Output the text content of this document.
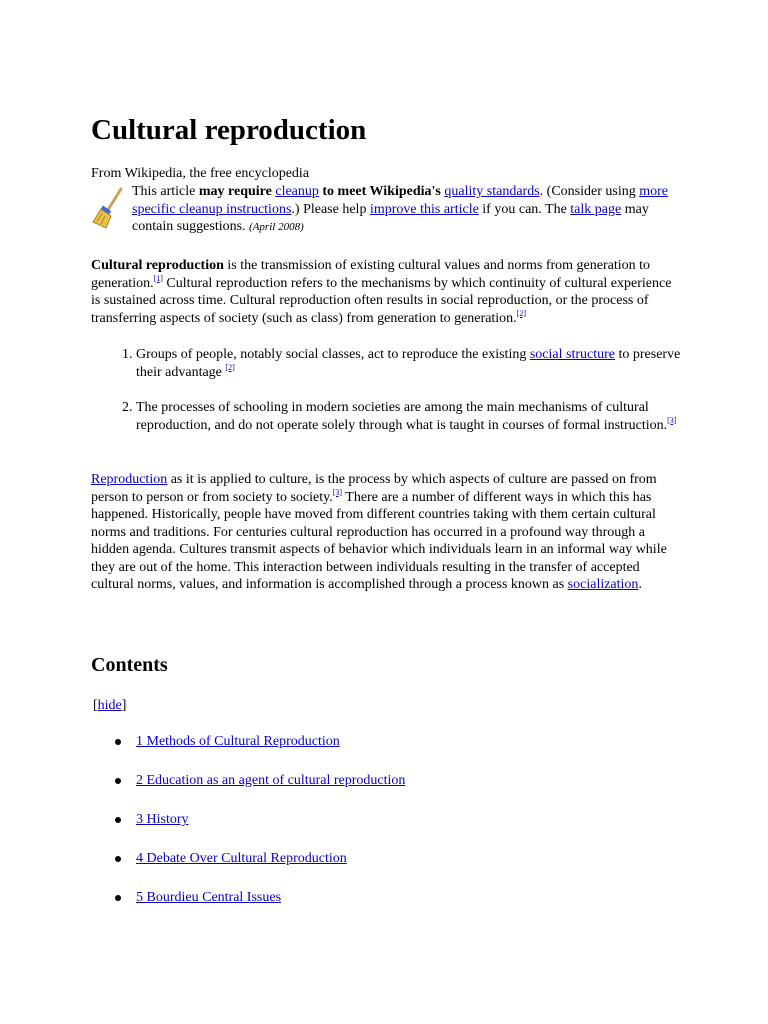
Cultural reproduction

From Wikipedia, the free encyclopedia

This article may require cleanup to meet Wikipedia's quality standards. (Consider using more specific cleanup instructions.) Please help improve this article if you can. The talk page may contain suggestions. (April 2008)

Cultural reproduction is the transmission of existing cultural values and norms from generation to generation.[1] Cultural reproduction refers to the mechanisms by which continuity of cultural experience is sustained across time. Cultural reproduction often results in social reproduction, or the process of transferring aspects of society (such as class) from generation to generation.[2]

1. Groups of people, notably social classes, act to reproduce the existing social structure to preserve their advantage [2]
2. The processes of schooling in modern societies are among the main mechanisms of cultural reproduction, and do not operate solely through what is taught in courses of formal instruction.[3]

Reproduction as it is applied to culture, is the process by which aspects of culture are passed on from person to person or from society to society.[3] There are a number of different ways in which this has happened. Historically, people have moved from different countries taking with them certain cultural norms and traditions. For centuries cultural reproduction has occurred in a profound way through a hidden agenda. Cultures transmit aspects of behavior which individuals learn in an informal way while they are out of the home. This interaction between individuals resulting in the transfer of accepted cultural norms, values, and information is accomplished through a process known as socialization.

Contents
[hide]
1 Methods of Cultural Reproduction
2 Education as an agent of cultural reproduction
3 History
4 Debate Over Cultural Reproduction
5 Bourdieu Central Issues
